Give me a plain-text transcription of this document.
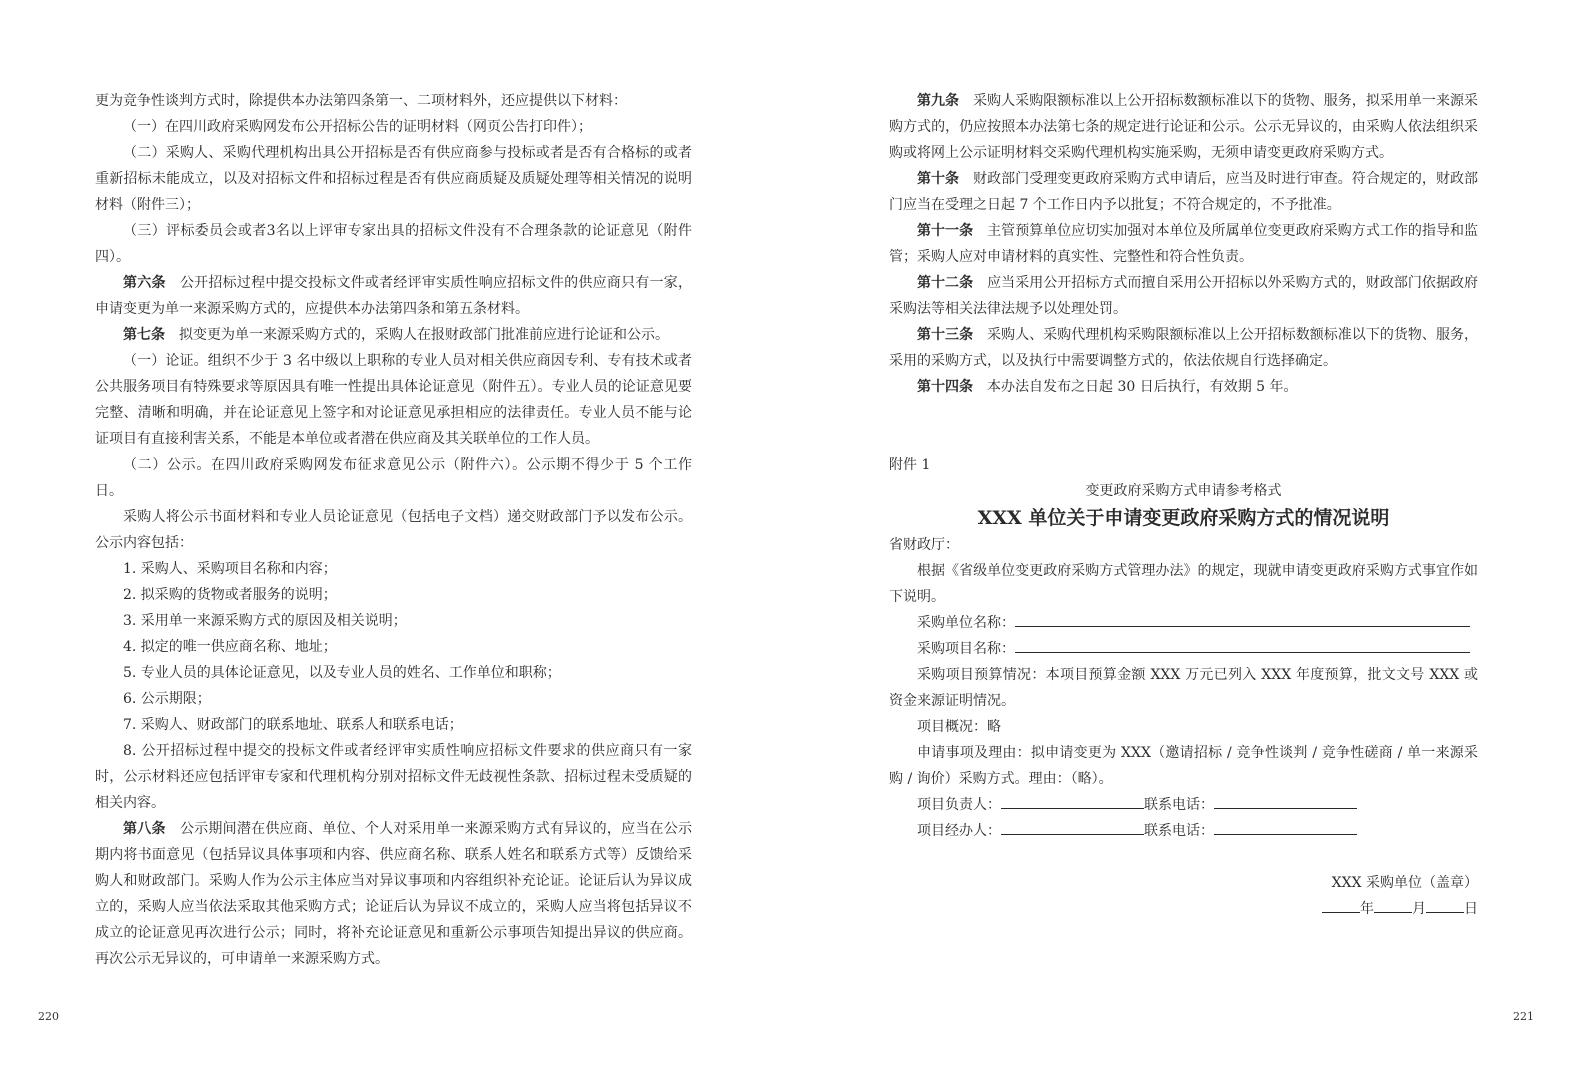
更为竞争性谈判方式时，除提供本办法第四条第一、二项材料外，还应提供以下材料：

（一）在四川政府采购网发布公开招标公告的证明材料（网页公告打印件）；

（二）采购人、采购代理机构出具公开招标是否有供应商参与投标或者是否有合格标的或者重新招标未能成立，以及对招标文件和招标过程是否有供应商质疑及质疑处理等相关情况的说明材料（附件三）；

（三）评标委员会或者3名以上评审专家出具的招标文件没有不合理条款的论证意见（附件四）。

第六条　 公开招标过程中提交投标文件或者经评审实质性响应招标文件的供应商只有一家，申请变更为单一来源采购方式的，应提供本办法第四条和第五条材料。

第七条　 拟变更为单一来源采购方式的，采购人在报财政部门批准前应进行论证和公示。

（一）论证。组织不少于 3 名中级以上职称的专业人员对相关供应商因专利、专有技术或者公共服务项目有特殊要求等原因具有唯一性提出具体论证意见（附件五）。专业人员的论证意见要完整、清晰和明确，并在论证意见上签字和对论证意见承担相应的法律责任。专业人员不能与论证项目有直接利害关系，不能是本单位或者潜在供应商及其关联单位的工作人员。

（二）公示。在四川政府采购网发布征求意见公示（附件六）。公示期不得少于 5 个工作日。

采购人将公示书面材料和专业人员论证意见（包括电子文档）递交财政部门予以发布公示。公示内容包括：

1. 采购人、采购项目名称和内容；

2. 拟采购的货物或者服务的说明；

3. 采用单一来源采购方式的原因及相关说明；

4. 拟定的唯一供应商名称、地址；

5. 专业人员的具体论证意见，以及专业人员的姓名、工作单位和职称；

6. 公示期限；

7. 采购人、财政部门的联系地址、联系人和联系电话；

8. 公开招标过程中提交的投标文件或者经评审实质性响应招标文件要求的供应商只有一家时，公示材料还应包括评审专家和代理机构分别对招标文件无歧视性条款、招标过程未受质疑的相关内容。

第八条　 公示期间潜在供应商、单位、个人对采用单一来源采购方式有异议的，应当在公示期内将书面意见（包括异议具体事项和内容、供应商名称、联系人姓名和联系方式等）反馈给采购人和财政部门。采购人作为公示主体应当对异议事项和内容组织补充论证。论证后认为异议成立的，采购人应当依法采取其他采购方式；论证后认为异议不成立的，采购人应当将包括异议不成立的论证意见再次进行公示；同时，将补充论证意见和重新公示事项告知提出异议的供应商。再次公示无异议的，可申请单一来源采购方式。

220

第九条　 采购人采购限额标准以上公开招标数额标准以下的货物、服务，拟采用单一来源采购方式的，仍应按照本办法第七条的规定进行论证和公示。公示无异议的，由采购人依法组织采购或将网上公示证明材料交采购代理机构实施采购，无须申请变更政府采购方式。

第十条　 财政部门受理变更政府采购方式申请后，应当及时进行审查。符合规定的，财政部门应当在受理之日起 7 个工作日内予以批复；不符合规定的，不予批准。

第十一条　 主管预算单位应切实加强对本单位及所属单位变更政府采购方式工作的指导和监管；采购人应对申请材料的真实性、完整性和符合性负责。

第十二条　 应当采用公开招标方式而擅自采用公开招标以外采购方式的，财政部门依据政府采购法等相关法律法规予以处理处罚。

第十三条　 采购人、采购代理机构采购限额标准以上公开招标数额标准以下的货物、服务，采用的采购方式，以及执行中需要调整方式的，依法依规自行选择确定。

第十四条　 本办法自发布之日起 30 日后执行，有效期 5 年。

附件 1

变更政府采购方式申请参考格式

XXX 单位关于申请变更政府采购方式的情况说明

省财政厅：

根据《省级单位变更政府采购方式管理办法》的规定，现就申请变更政府采购方式事宜作如下说明。

采购单位名称：

采购项目名称：

采购项目预算情况：本项目预算金额 XXX 万元已列入 XXX 年度预算，批文文号 XXX 或资金来源证明情况。

项目概况：略

申请事项及理由：拟申请变更为 XXX（邀请招标 / 竞争性谈判 / 竞争性磋商 / 单一来源采购 / 询价）采购方式。理由：（略）。

项目负责人：	联系电话：

项目经办人：	联系电话：

XXX 采购单位（盖章）

年	月	日

221
